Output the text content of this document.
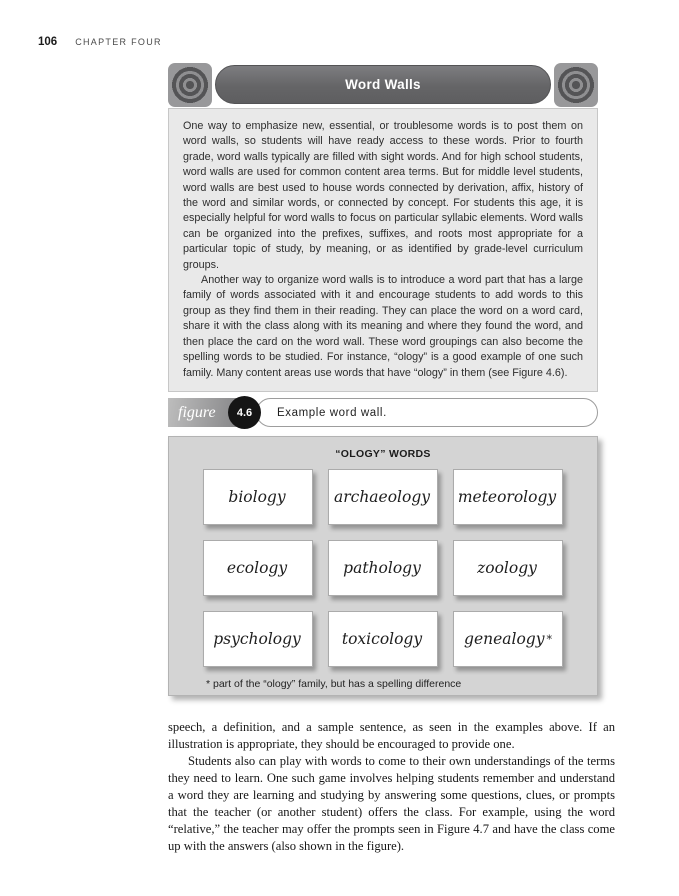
106 CHAPTER FOUR
Word Walls

One way to emphasize new, essential, or troublesome words is to post them on word walls, so students will have ready access to these words. Prior to fourth grade, word walls typically are filled with sight words. And for high school students, word walls are used for common content area terms. But for middle level students, word walls are best used to house words connected by derivation, affix, history of the word and similar words, or connected by concept. For students this age, it is especially helpful for word walls to focus on particular syllabic elements. Word walls can be organized into the prefixes, suffixes, and roots most appropriate for a particular topic of study, by meaning, or as identified by grade-level curriculum groups.

Another way to organize word walls is to introduce a word part that has a large family of words associated with it and encourage students to add words to this group as they find them in their reading. They can place the word on a word card, share it with the class along with its meaning and where they found the word, and then place the card on the word wall. These word groupings can also become the spelling words to be studied. For instance, “ology” is a good example of one such family. Many content areas use words that have “ology” in them (see Figure 4.6).

figure 4.6 Example word wall.
“OLOGY” WORDS
biology	archaeology meteorology
ecology	pathology	zoology
psychology	toxicology	genealogy *
* part of the “ology” family, but has a spelling difference

speech, a definition, and a sample sentence, as seen in the examples above. If an illustration is appropriate, they should be encouraged to provide one.

Students also can play with words to come to their own understandings of the terms they need to learn. One such game involves helping students remember and understand a word they are learning and studying by answering some questions, clues, or prompts that the teacher (or another student) offers the class. For example, using the word “relative,” the teacher may offer the prompts seen in Figure 4.7 and have the class come up with the answers (also shown in the figure).
